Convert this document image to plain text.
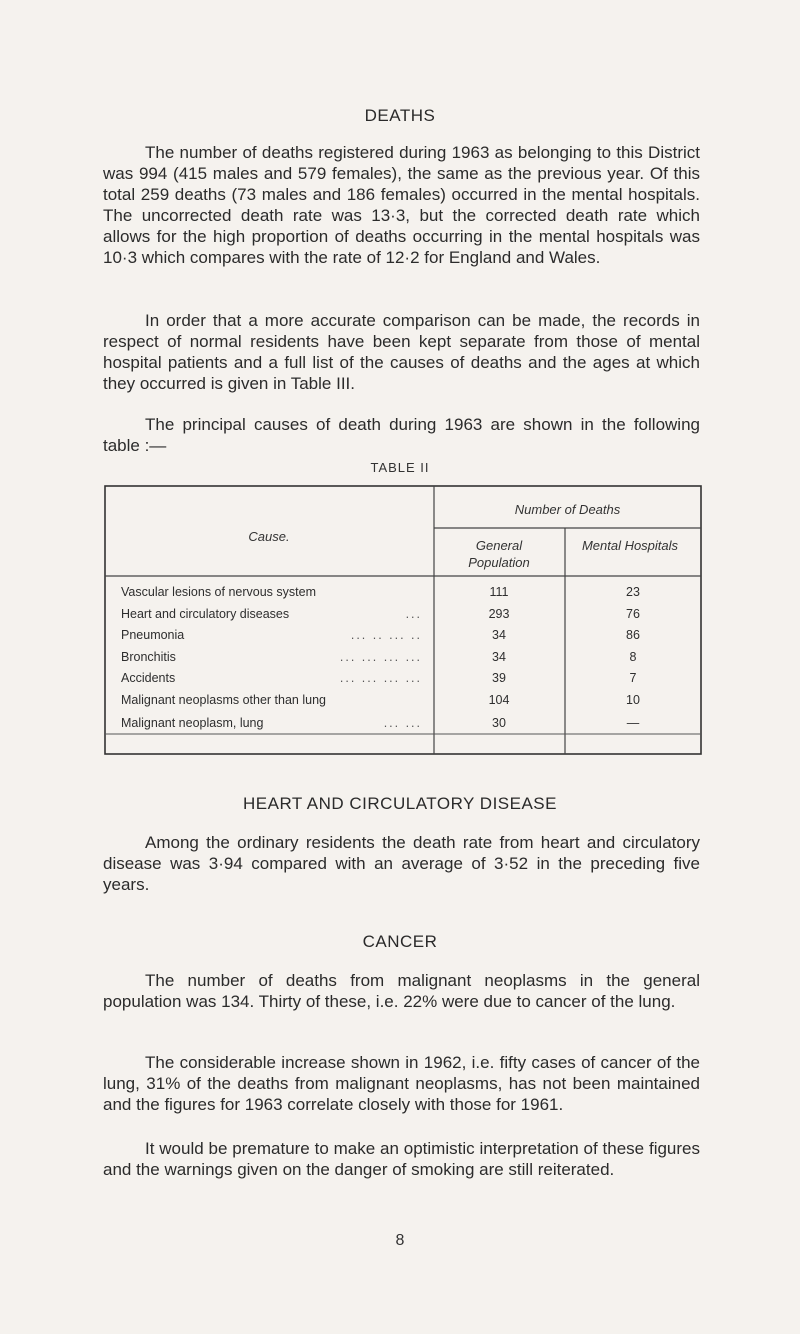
DEATHS
The number of deaths registered during 1963 as belonging to this District was 994 (415 males and 579 females), the same as the previous year. Of this total 259 deaths (73 males and 186 females) occurred in the mental hospitals. The uncorrected death rate was 13·3, but the corrected death rate which allows for the high proportion of deaths occurring in the mental hospitals was 10·3 which compares with the rate of 12·2 for England and Wales.
In order that a more accurate comparison can be made, the records in respect of normal residents have been kept separate from those of mental hospital patients and a full list of the causes of deaths and the ages at which they occurred is given in Table III.
The principal causes of death during 1963 are shown in the following table :—
TABLE II
Cause.
Number of Deaths
General Population
Mental Hospitals
Vascular lesions of nervous system	111	23
Heart and circulatory diseases	...	293	76
Pneumonia	... .. ... ..	34	86
Bronchitis	... ... ... ...	34	8
Accidents	... ... ... ...	39	7
Malignant neoplasms other than lung	104	10
Malignant neoplasm, lung	... ...	30	—
HEART AND CIRCULATORY DISEASE
Among the ordinary residents the death rate from heart and circulatory disease was 3·94 compared with an average of 3·52 in the preceding five years.
CANCER
The number of deaths from malignant neoplasms in the general population was 134. Thirty of these, i.e. 22% were due to cancer of the lung.
The considerable increase shown in 1962, i.e. fifty cases of cancer of the lung, 31% of the deaths from malignant neoplasms, has not been maintained and the figures for 1963 correlate closely with those for 1961.
It would be premature to make an optimistic interpretation of these figures and the warnings given on the danger of smoking are still reiterated.
8
